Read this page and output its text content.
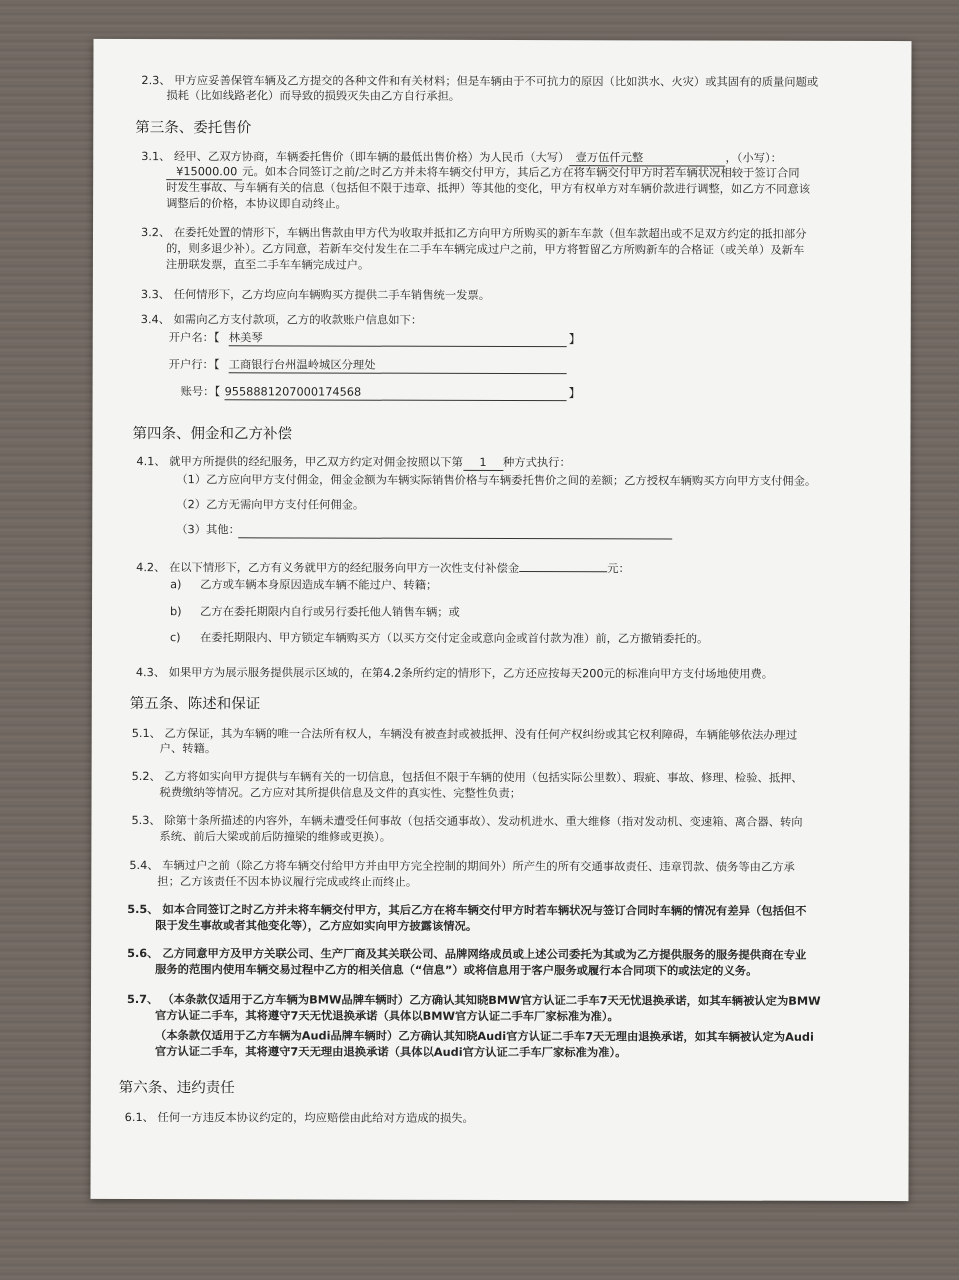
2.3、 甲方应妥善保管车辆及乙方提交的各种文件和有关材料；但是车辆由于不可抗力的原因（比如洪水、火灾）或其固有的质量问题或
损耗（比如线路老化）而导致的损毁灭失由乙方自行承担。
第三条、委托售价
3.1、 经甲、乙双方协商，车辆委托售价（即车辆的最低出售价格）为人民币（大写） 壹万伍仟元整	，（小写）：
¥15000.00 元。如本合同签订之前/之时乙方并未将车辆交付甲方，其后乙方在将车辆交付甲方时若车辆状况相较于签订合同
时发生事故、与车辆有关的信息（包括但不限于违章、抵押）等其他的变化，甲方有权单方对车辆价款进行调整，如乙方不同意该
调整后的价格，本协议即自动终止。
3.2、 在委托处置的情形下，车辆出售款由甲方代为收取并抵扣乙方向甲方所购买的新车车款（但车款超出或不足双方约定的抵扣部分
的，则多退少补）。乙方同意，若新车交付发生在二手车车辆完成过户之前，甲方将暂留乙方所购新车的合格证（或关单）及新车
注册联发票，直至二手车车辆完成过户。
3.3、 任何情形下，乙方均应向车辆购买方提供二手车销售统一发票。
3.4、 如需向乙方支付款项，乙方的收款账户信息如下：
开户名：【 林美琴	】
开户行：【 工商银行台州温岭城区分理处
账号：【 9558881207000174568	】
第四条、佣金和乙方补偿
4.1、 就甲方所提供的经纪服务，甲乙双方约定对佣金按照以下第 1 种方式执行：
（1）乙方应向甲方支付佣金，佣金金额为车辆实际销售价格与车辆委托售价之间的差额；乙方授权车辆购买方向甲方支付佣金。
（2）乙方无需向甲方支付任何佣金。
（3）其他：
4.2、 在以下情形下，乙方有义务就甲方的经纪服务向甲方一次性支付补偿金	元：
a) 乙方或车辆本身原因造成车辆不能过户、转籍；
b) 乙方在委托期限内自行或另行委托他人销售车辆；或
c) 在委托期限内、甲方锁定车辆购买方（以买方交付定金或意向金或首付款为准）前，乙方撤销委托的。
4.3、 如果甲方为展示服务提供展示区域的，在第4.2条所约定的情形下，乙方还应按每天200元的标准向甲方支付场地使用费。
第五条、陈述和保证
5.1、 乙方保证，其为车辆的唯一合法所有权人，车辆没有被查封或被抵押、没有任何产权纠纷或其它权利障碍，车辆能够依法办理过
户、转籍。
5.2、 乙方将如实向甲方提供与车辆有关的一切信息，包括但不限于车辆的使用（包括实际公里数）、瑕疵、事故、修理、检验、抵押、
税费缴纳等情况。乙方应对其所提供信息及文件的真实性、完整性负责；
5.3、 除第十条所描述的内容外，车辆未遭受任何事故（包括交通事故）、发动机进水、重大维修（指对发动机、变速箱、离合器、转向
系统、前后大梁或前后防撞梁的维修或更换）。
5.4、 车辆过户之前（除乙方将车辆交付给甲方并由甲方完全控制的期间外）所产生的所有交通事故责任、违章罚款、债务等由乙方承
担；乙方该责任不因本协议履行完成或终止而终止。
5.5、 如本合同签订之时乙方并未将车辆交付甲方，其后乙方在将车辆交付甲方时若车辆状况与签订合同时车辆的情况有差异（包括但不
限于发生事故或者其他变化等），乙方应如实向甲方披露该情况。
5.6、 乙方同意甲方及甲方关联公司、生产厂商及其关联公司、品牌网络成员或上述公司委托为其或为乙方提供服务的服务提供商在专业
服务的范围内使用车辆交易过程中乙方的相关信息（“信息”）或将信息用于客户服务或履行本合同项下的或法定的义务。
5.7、 （本条款仅适用于乙方车辆为BMW品牌车辆时）乙方确认其知晓BMW官方认证二手车7天无忧退换承诺，如其车辆被认定为BMW
官方认证二手车，其将遵守7天无忧退换承诺（具体以BMW官方认证二手车厂家标准为准）。
（本条款仅适用于乙方车辆为Audi品牌车辆时）乙方确认其知晓Audi官方认证二手车7天无理由退换承诺，如其车辆被认定为Audi
官方认证二手车，其将遵守7天无理由退换承诺（具体以Audi官方认证二手车厂家标准为准）。
第六条、违约责任
6.1、 任何一方违反本协议约定的，均应赔偿由此给对方造成的损失。
